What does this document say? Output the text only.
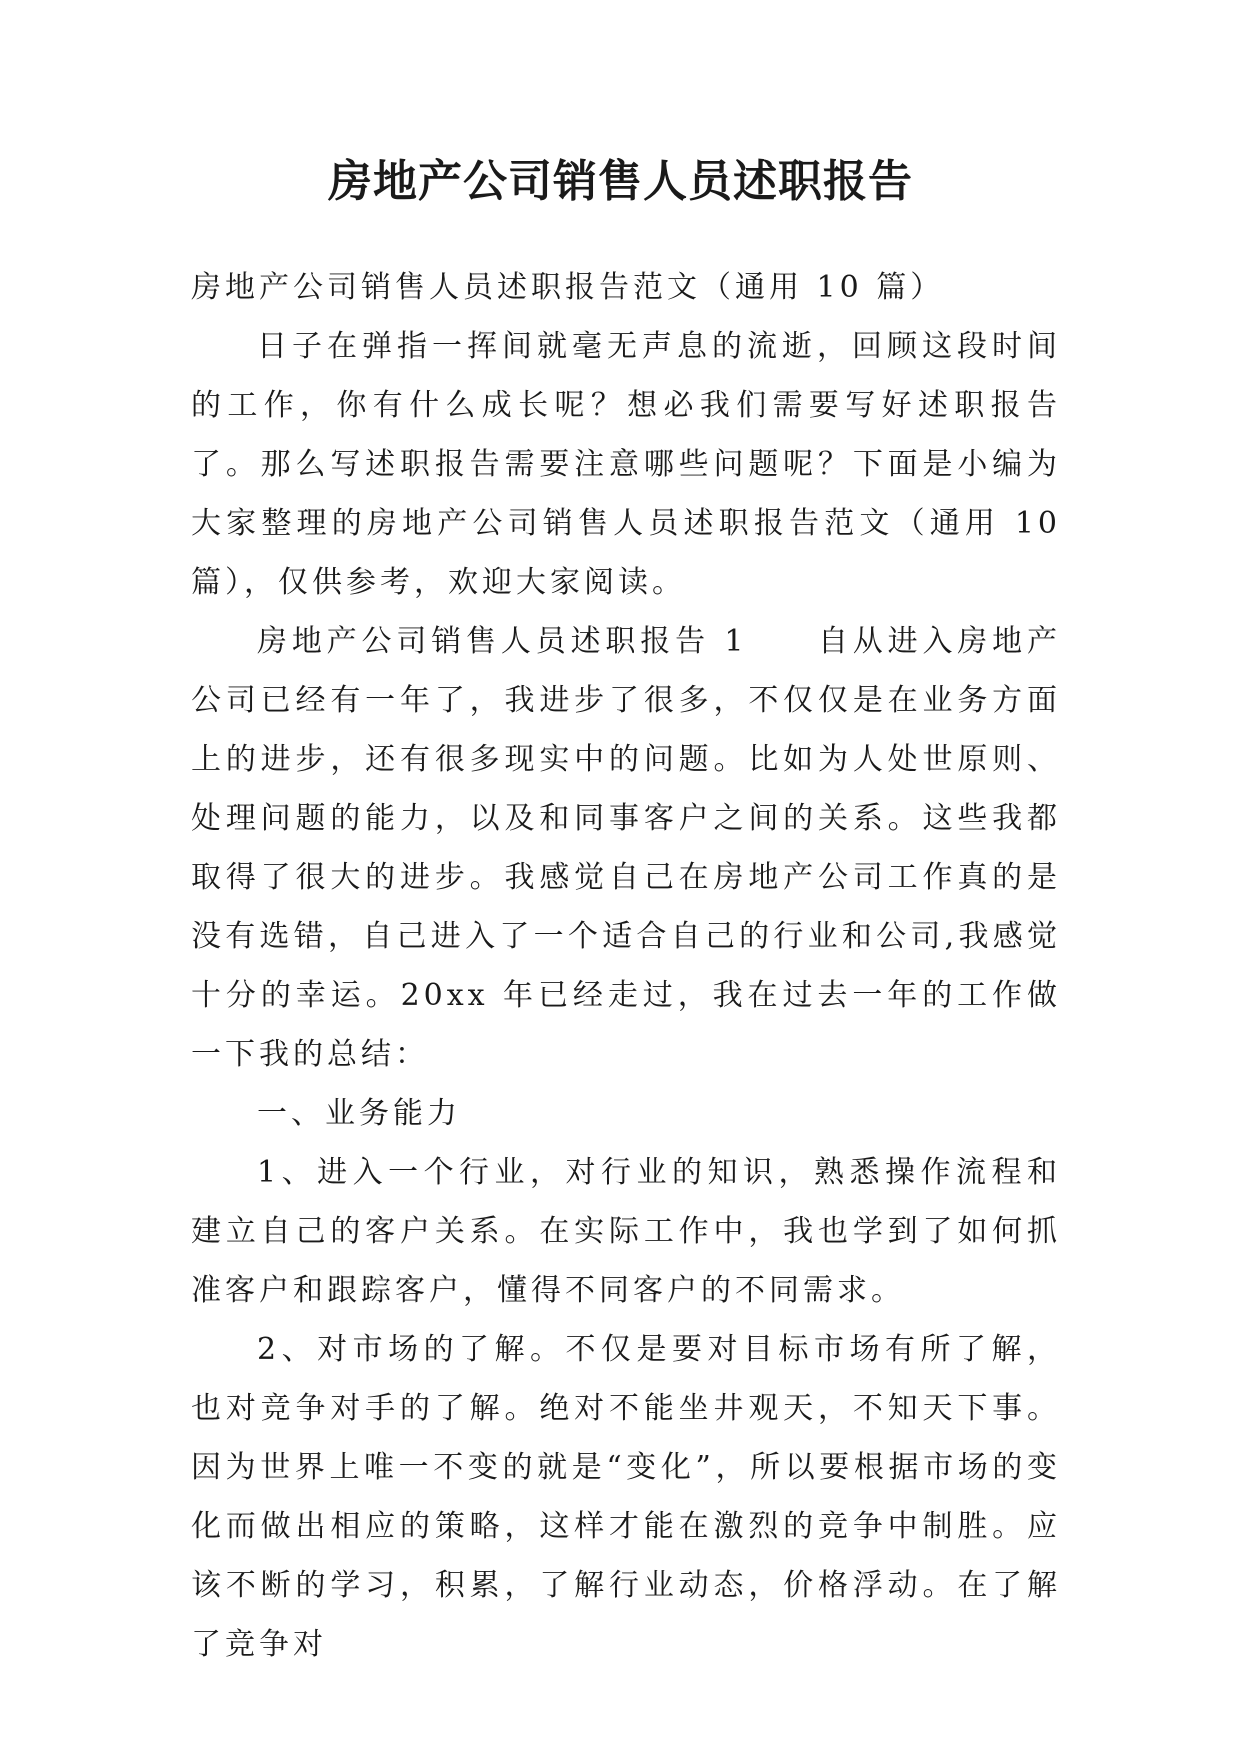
房地产公司销售人员述职报告

房地产公司销售人员述职报告范文（通用 10 篇）

日子在弹指一挥间就毫无声息的流逝，回顾这段时间的工作，你有什么成长呢？想必我们需要写好述职报告了。那么写述职报告需要注意哪些问题呢？下面是小编为大家整理的房地产公司销售人员述职报告范文（通用 10 篇），仅供参考，欢迎大家阅读。

房地产公司销售人员述职报告 1　　自从进入房地产公司已经有一年了，我进步了很多，不仅仅是在业务方面上的进步，还有很多现实中的问题。比如为人处世原则、处理问题的能力，以及和同事客户之间的关系。这些我都取得了很大的进步。我感觉自己在房地产公司工作真的是没有选错，自己进入了一个适合自己的行业和公司,我感觉十分的幸运。20xx 年已经走过，我在过去一年的工作做一下我的总结：

一、业务能力

1、进入一个行业，对行业的知识，熟悉操作流程和建立自己的客户关系。在实际工作中，我也学到了如何抓准客户和跟踪客户，懂得不同客户的不同需求。

2、对市场的了解。不仅是要对目标市场有所了解，也对竞争对手的了解。绝对不能坐井观天，不知天下事。因为世界上唯一不变的就是“变化”，所以要根据市场的变化而做出相应的策略，这样才能在激烈的竞争中制胜。应该不断的学习，积累，了解行业动态，价格浮动。在了解了竞争对
